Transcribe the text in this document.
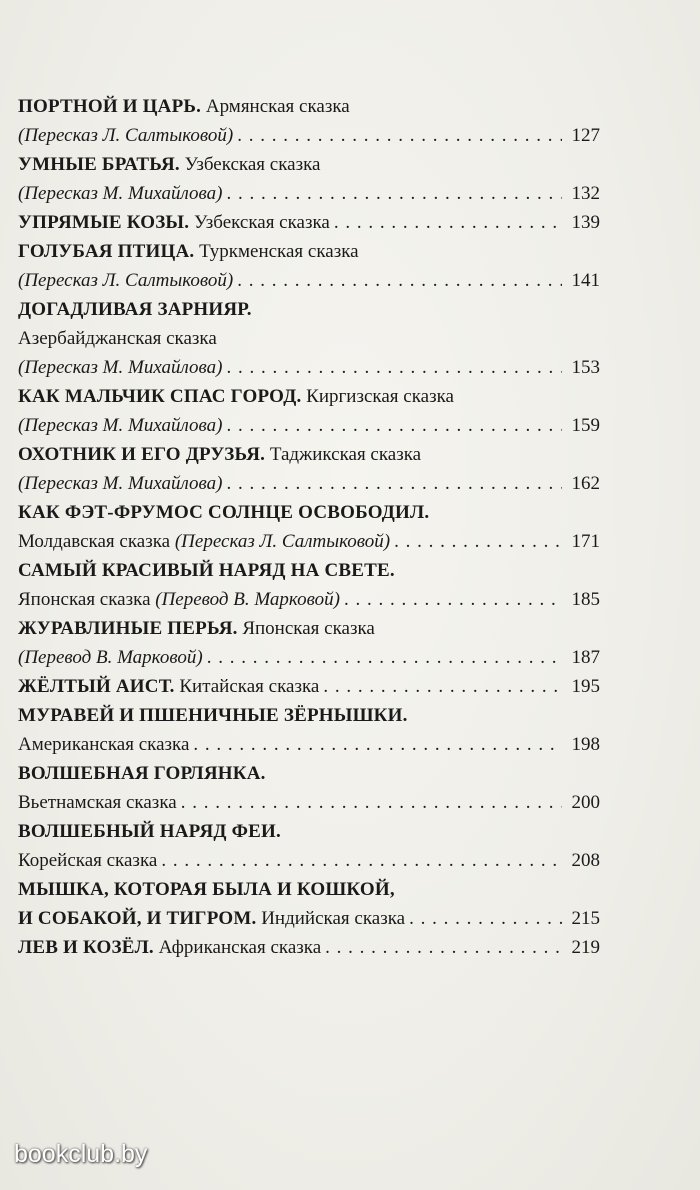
ПОРТНОЙ И ЦАРЬ.
Армянская сказка
(Пересказ Л. Салтыковой) . . .	127
УМНЫЕ БРАТЬЯ.
Узбекская сказка
(Пересказ М. Михайлова) . . .	132
УПРЯМЫЕ КОЗЫ.
Узбекская сказка . . .	139
ГОЛУБАЯ ПТИЦА.
Туркменская сказка
(Пересказ Л. Салтыковой) . . .	141
ДОГАДЛИВАЯ ЗАРНИЯР.
Азербайджанская сказка
(Пересказ М. Михайлова) . . .	153
КАК МАЛЬЧИК СПАС ГОРОД.
Киргизская сказка
(Пересказ М. Михайлова) . . .	159
ОХОТНИК И ЕГО ДРУЗЬЯ.
Таджикская сказка
(Пересказ М. Михайлова) . . .	162
КАК ФЭТ-ФРУМОС СОЛНЦЕ ОСВОБОДИЛ.
Молдавская сказка
(Пересказ Л. Салтыковой) . . .	171
САМЫЙ КРАСИВЫЙ НАРЯД НА СВЕТЕ.
Японская сказка
(Перевод В. Марковой) . . .	185
ЖУРАВЛИНЫЕ ПЕРЬЯ.
Японская сказка
(Перевод В. Марковой) . . .	187
ЖЁЛТЫЙ АИСТ.
Китайская сказка . . .	195
МУРАВЕЙ И ПШЕНИЧНЫЕ ЗЁРНЫШКИ.
Американская сказка . . .	198
ВОЛШЕБНАЯ ГОРЛЯНКА.
Вьетнамская сказка . . .	200
ВОЛШЕБНЫЙ НАРЯД ФЕИ.
Корейская сказка . . .	208
МЫШКА, КОТОРАЯ БЫЛА И КОШКОЙ,
И СОБАКОЙ, И ТИГРОМ.
Индийская сказка . . .	215
ЛЕВ И КОЗЁЛ.
Африканская сказка . . .	219
bookclub.by
